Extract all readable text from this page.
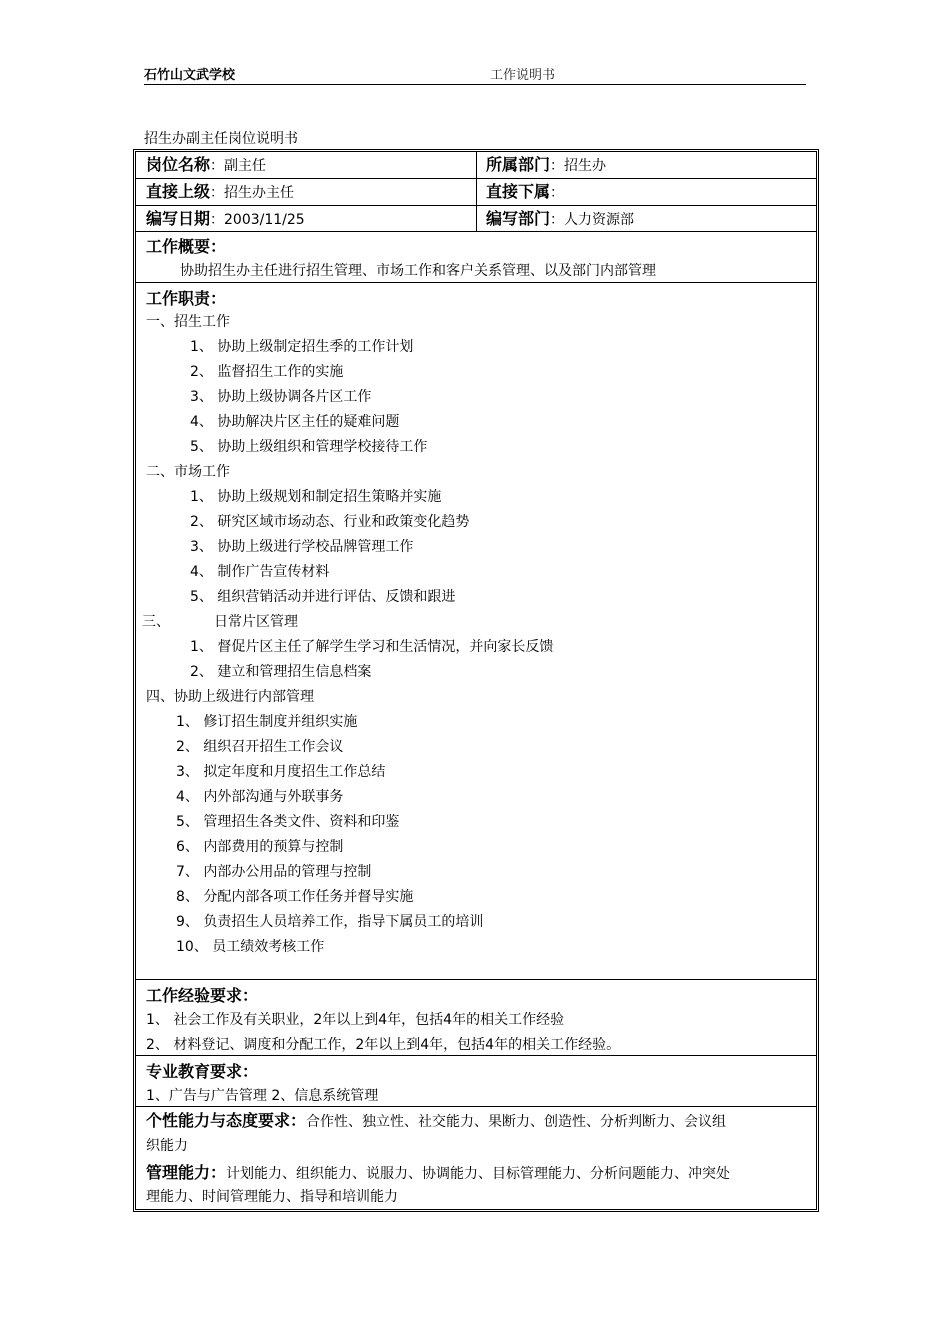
石竹山文武学校	工作说明书
招生办副主任岗位说明书
岗位名称：副主任	所属部门：招生办
直接上级：招生办主任	直接下属：
编写日期：2003/11/25	编写部门：人力资源部
工作概要：
协助招生办主任进行招生管理、市场工作和客户关系管理、以及部门内部管理
工作职责：
一、招生工作
1、 协助上级制定招生季的工作计划
2、 监督招生工作的实施
3、 协助上级协调各片区工作
4、 协助解决片区主任的疑难问题
5、 协助上级组织和管理学校接待工作
二、市场工作
1、 协助上级规划和制定招生策略并实施
2、 研究区域市场动态、行业和政策变化趋势
3、 协助上级进行学校品牌管理工作
4、 制作广告宣传材料
5、 组织营销活动并进行评估、反馈和跟进
三、	日常片区管理
1、 督促片区主任了解学生学习和生活情况，并向家长反馈
2、 建立和管理招生信息档案
四、协助上级进行内部管理
1、 修订招生制度并组织实施
2、 组织召开招生工作会议
3、 拟定年度和月度招生工作总结
4、 内外部沟通与外联事务
5、 管理招生各类文件、资料和印鉴
6、 内部费用的预算与控制
7、 内部办公用品的管理与控制
8、 分配内部各项工作任务并督导实施
9、 负责招生人员培养工作，指导下属员工的培训
10、 员工绩效考核工作
工作经验要求：
1、 社会工作及有关职业，2年以上到4年，包括4年的相关工作经验
2、 材料登记、调度和分配工作，2年以上到4年，包括4年的相关工作经验。
专业教育要求：
1、广告与广告管理 2、信息系统管理
个性能力与态度要求：合作性、独立性、社交能力、果断力、创造性、分析判断力、会议组
织能力
管理能力：计划能力、组织能力、说服力、协调能力、目标管理能力、分析问题能力、冲突处
理能力、时间管理能力、指导和培训能力
